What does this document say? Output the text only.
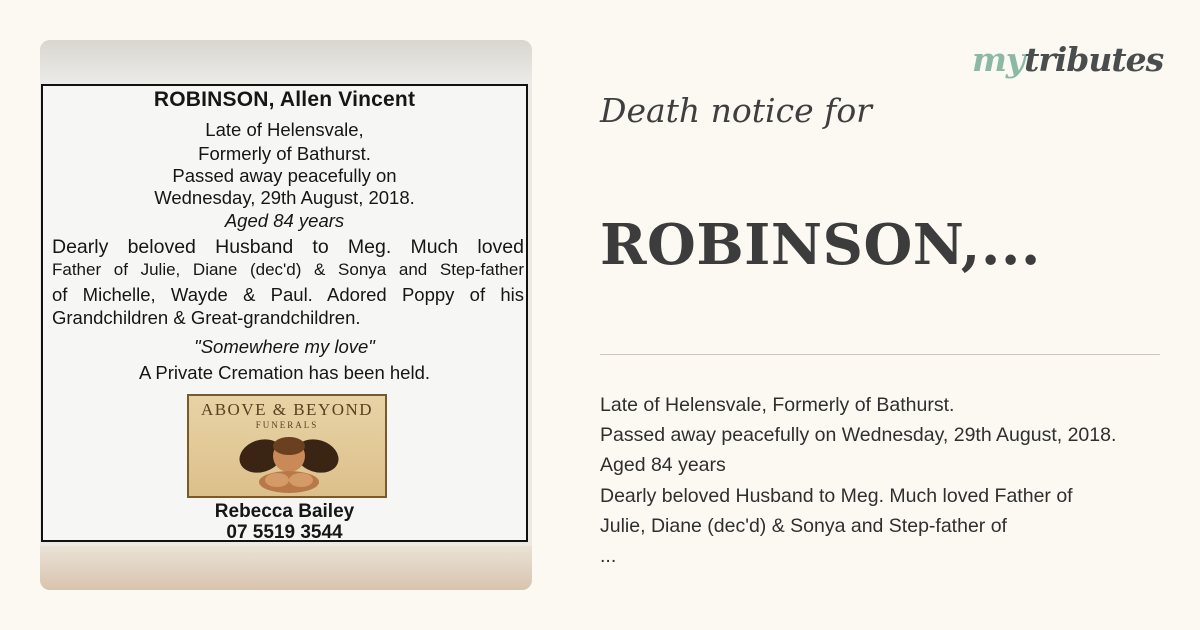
ROBINSON, Allen Vincent
Late of Helensvale,
Formerly of Bathurst.
Passed away peacefully on
Wednesday, 29th August, 2018.
Aged 84 years
Dearly beloved Husband to Meg. Much loved
Father of Julie, Diane (dec'd) & Sonya and Step-father
of Michelle, Wayde & Paul. Adored Poppy of his
Grandchildren & Great-grandchildren.
"Somewhere my love"
A Private Cremation has been held.
ABOVE & BEYOND
FUNERALS
Rebecca Bailey
07 5519 3544
mytributes
Death notice for
ROBINSON,...
Late of Helensvale, Formerly of Bathurst.
Passed away peacefully on Wednesday, 29th August, 2018.
Aged 84 years
Dearly beloved Husband to Meg. Much loved Father of
Julie, Diane (dec'd) & Sonya and Step-father of
...
